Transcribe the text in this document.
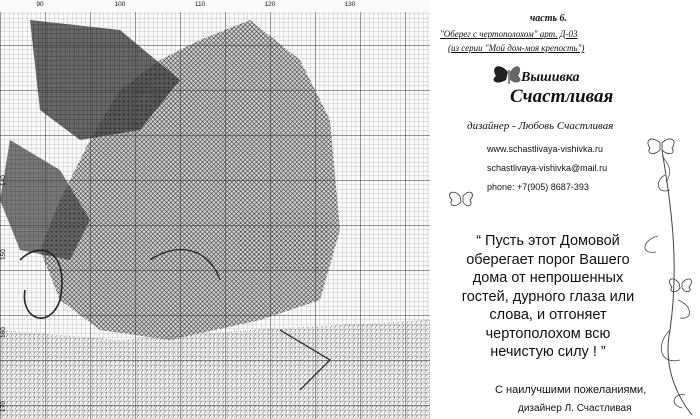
90	100	110	120	130
140
150
160
170
часть 6.
"Оберег с чертополохом" арт. Д-03
(из серии "Мой дом-моя крепость")
Вышивка
Счастливая
дизайнер - Любовь Счастливая
www.schastlivaya-vishivka.ru
schastlivaya-vishivka@mail.ru
phone: +7(905) 8687-393
“ Пусть этот Домовой
оберегает порог Вашего
дома от непрошенных
гостей, дурного глаза или
слова, и отгоняет
чертополохом всю
нечистую силу ! ”
С наилучшими пожеланиями,
дизайнер Л. Счастливая
